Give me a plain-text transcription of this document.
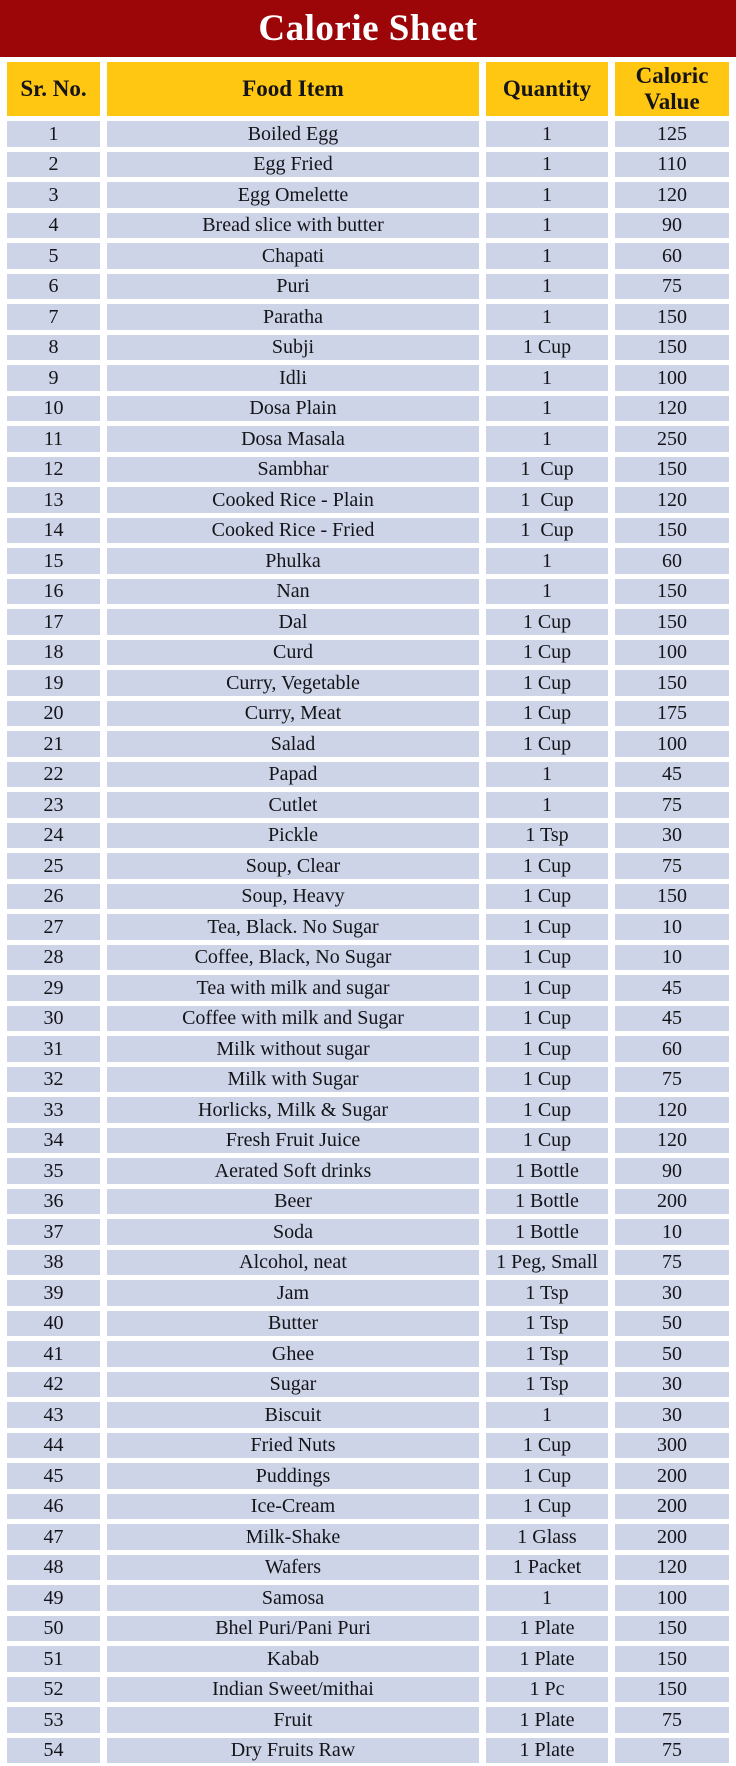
Calorie Sheet
Sr. No.	Food Item	Quantity	Caloric Value
1	Boiled Egg	1	125
2	Egg Fried	1	110
3	Egg Omelette	1	120
4	Bread slice with butter	1	90
5	Chapati	1	60
6	Puri	1	75
7	Paratha	1	150
8	Subji	1 Cup	150
9	Idli	1	100
10	Dosa Plain	1	120
11	Dosa Masala	1	250
12	Sambhar	1  Cup	150
13	Cooked Rice - Plain	1  Cup	120
14	Cooked Rice - Fried	1  Cup	150
15	Phulka	1	60
16	Nan	1	150
17	Dal	1 Cup	150
18	Curd	1 Cup	100
19	Curry, Vegetable	1 Cup	150
20	Curry, Meat	1 Cup	175
21	Salad	1 Cup	100
22	Papad	1	45
23	Cutlet	1	75
24	Pickle	1 Tsp	30
25	Soup, Clear	1 Cup	75
26	Soup, Heavy	1 Cup	150
27	Tea, Black. No Sugar	1 Cup	10
28	Coffee, Black, No Sugar	1 Cup	10
29	Tea with milk and sugar	1 Cup	45
30	Coffee with milk and Sugar	1 Cup	45
31	Milk without sugar	1 Cup	60
32	Milk with Sugar	1 Cup	75
33	Horlicks, Milk & Sugar	1 Cup	120
34	Fresh Fruit Juice	1 Cup	120
35	Aerated Soft drinks	1 Bottle	90
36	Beer	1 Bottle	200
37	Soda	1 Bottle	10
38	Alcohol, neat	1 Peg, Small	75
39	Jam	1 Tsp	30
40	Butter	1 Tsp	50
41	Ghee	1 Tsp	50
42	Sugar	1 Tsp	30
43	Biscuit	1	30
44	Fried Nuts	1 Cup	300
45	Puddings	1 Cup	200
46	Ice-Cream	1 Cup	200
47	Milk-Shake	1 Glass	200
48	Wafers	1 Packet	120
49	Samosa	1	100
50	Bhel Puri/Pani Puri	1 Plate	150
51	Kabab	1 Plate	150
52	Indian Sweet/mithai	1 Pc	150
53	Fruit	1 Plate	75
54	Dry Fruits Raw	1 Plate	75
